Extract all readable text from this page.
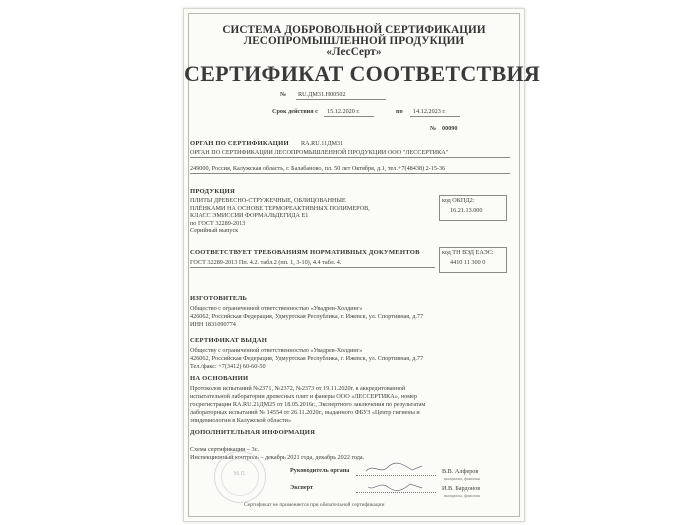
СИСТЕМА ДОБРОВОЛЬНОЙ СЕРТИФИКАЦИИ
ЛЕСОПРОМЫШЛЕННОЙ ПРОДУКЦИИ
«ЛесСерт»
СЕРТИФИКАТ СООТВЕТСТВИЯ
№ RU.ДМ31.Н00502
Срок действия с 15.12.2020 г.	по 14.12.2023 г.
№ 00090
ОРГАН ПО СЕРТИФИКАЦИИ RA.RU.11ДМ31
ОРГАН ПО СЕРТИФИКАЦИИ ЛЕСОПРОМЫШЛЕННОЙ ПРОДУКЦИИ ООО "ЛЕССЕРТИКА"
249000, Россия, Калужская область, г. Балабаново, пл. 50 лет Октября, д.1, тел.+7(48438) 2-15-36
ПРОДУКЦИЯ
ПЛИТЫ ДРЕВЕСНО-СТРУЖЕЧНЫЕ, ОБЛИЦОВАННЫЕ
ПЛЁНКАМИ НА ОСНОВЕ ТЕРМОРЕАКТИВНЫХ ПОЛИМЕРОВ,
КЛАСС ЭМИССИИ ФОРМАЛЬДЕГИДА Е1
по ГОСТ 32289-2013
Серийный выпуск
код ОКПД2:
16.21.13.000
СООТВЕТСТВУЕТ ТРЕБОВАНИЯМ НОРМАТИВНЫХ ДОКУМЕНТОВ
ГОСТ 32289-2013 Пп. 4.2. табл.2 (пп. 1, 3-10), 4.4 табл. 4.
код ТН ВЭД ЕАЭС:
4410 11 300 0
ИЗГОТОВИТЕЛЬ
Общество с ограниченной ответственностью «Увадрев-Холдинг»
426062, Российская Федерация, Удмуртская Республика, г. Ижевск, ул. Спортивная, д.77
ИНН 1831090774
СЕРТИФИКАТ ВЫДАН
Обществу с ограниченной ответственностью «Увадрев-Холдинг»
426062, Российская Федерация, Удмуртская Республика, г. Ижевск, ул. Спортивная, д.77
Тел./факс: +7(3412) 60-60-50
НА ОСНОВАНИИ
Протоколов испытаний №2371, №2372, №2373 от 19.11.2020г. в аккредитованной
испытательной лаборатории древесных плит и фанеры ООО «ЛЕССЕРТИКА», номер
госрегистрации RA.RU.21ДМ25 от 18.05.2016г., Экспертного заключения по результатам
лабораторных испытаний № 14554 от 26.11.2020г., выданного ФБУЗ «Центр гигиены и
эпидемиологии в Калужской области»
ДОПОЛНИТЕЛЬНАЯ ИНФОРМАЦИЯ
Схема сертификации – 3с.
Инспекционный контроль – декабрь 2021 года, декабрь 2022 года.
М.П.	Руководитель органа	В.В. Алферов
инициалы, фамилия
Эксперт	И.В. Бардонов
инициалы, фамилия
Сертификат не применяется при обязательной сертификации
